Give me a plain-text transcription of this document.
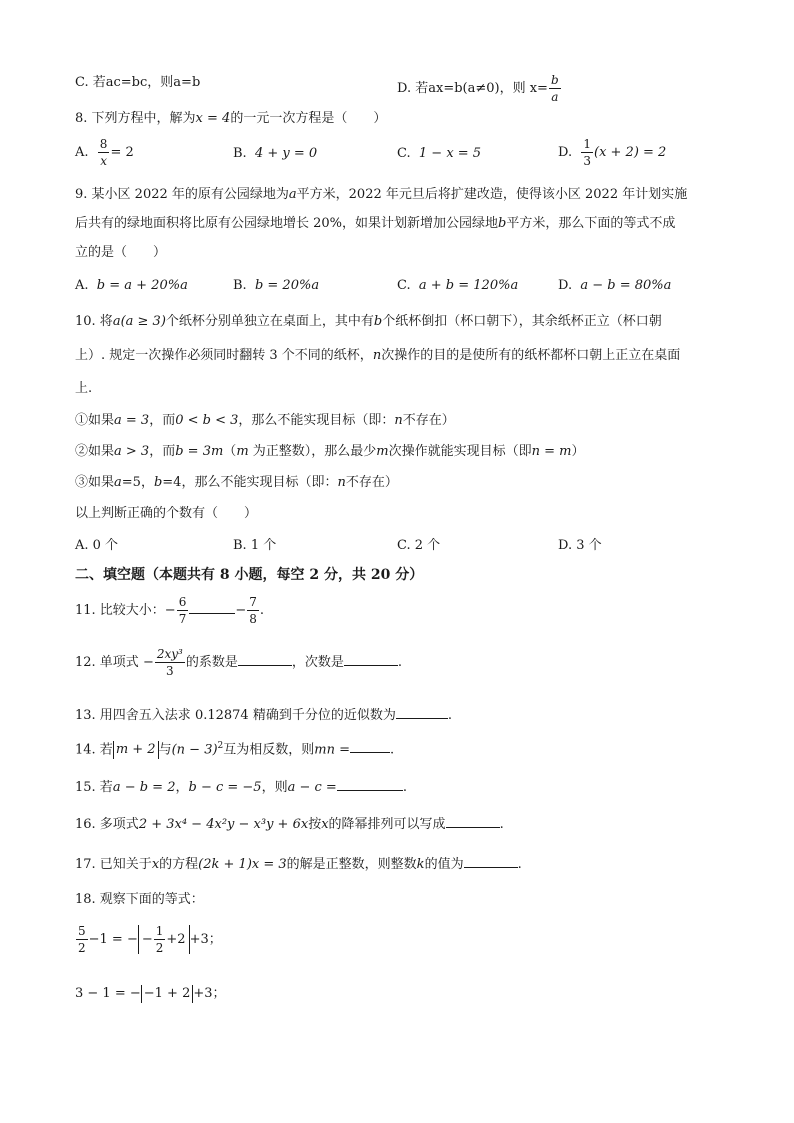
C. 若ac=bc，则a=b	D. 若ax=b(a≠0)，则 $x= \frac{b}{a}$
8. 下列方程中，解为x = 4的一元一次方程是（　　）
A. $\frac{8}{x} = 2$	B. 4 + y = 0	C. 1 − x = 5	D. $\frac{1}{3} (x + 2) = 2$
9. 某小区 2022 年的原有公园绿地为a平方米，2022 年元旦后将扩建改造，使得该小区 2022 年计划实施
后共有的绿地面积将比原有公园绿地增长 20%，如果计划新增加公园绿地b平方米，那么下面的等式不成
立的是（　　）
A. b = a + 20%a	B. b = 20%a	C. a + b = 120%a	D. a − b = 80%a
10. 将a(a ≥ 3)个纸杯分别单独立在桌面上，其中有b个纸杯倒扣（杯口朝下），其余纸杯正立（杯口朝
上）. 规定一次操作必须同时翻转 3 个不同的纸杯，n次操作的目的是使所有的纸杯都杯口朝上正立在桌面
上.
①如果a = 3，而0 < b < 3，那么不能实现目标（即：n不存在）
②如果a > 3，而b = 3m（m 为正整数），那么最少m次操作就能实现目标（即n = m）
③如果a=5，b=4，那么不能实现目标（即：n不存在）
以上判断正确的个数有（　　）
A. 0 个	B. 1 个	C. 2 个	D. 3 个
二、填空题（本题共有 8 小题，每空 2 分，共 20 分）
11. 比较大小：− $\frac{6}{7}$	− $\frac{7}{8}$ .
12. 单项式 − $\frac{\text{2xy³}}{3}$ 的系数是	，次数是	.
13. 用四舍五入法求 0.12874 精确到千分位的近似数为	.
14. 若 m + 2 与$(n - 3)^2$互为相反数，则mn =	.
15. 若a − b = 2，b − c = −5，则a − c =	.
16. 多项式2 + 3x⁴ − 4x²y − x³y + 6x按x的降幂排列可以写成	.
17. 已知关于x的方程(2k + 1)x = 3的解是正整数，则整数k的值为	.
18. 观察下面的等式：
$\frac{5}{2} -1$ = − − $\frac{1}{2} +2 +3$；
3 − 1 = − −1 + 2 +3；
